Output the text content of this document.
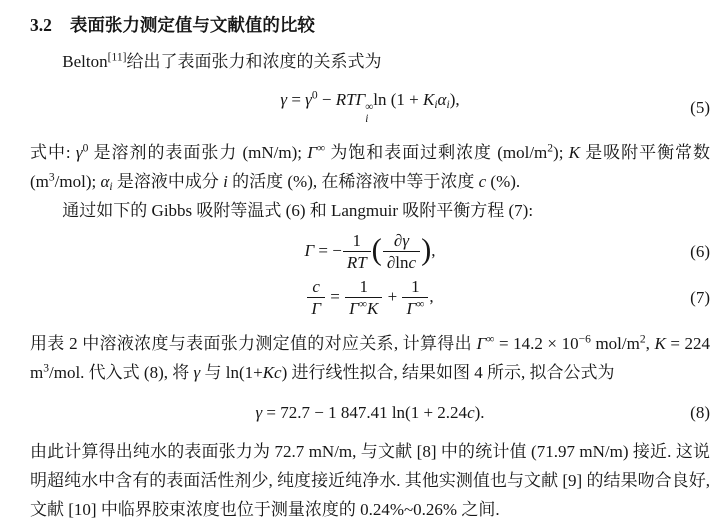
3.2 表面张力测定值与文献值的比较

Belton[11]给出了表面张力和浓度的关系式为

$\gamma = \gamma^0 - RT\Gamma$ ∞
i
$\ln (1 + K_i\alpha_i)$,	(5)

式中: $\gamma^0$ 是溶剂的表面张力 (mN/m); Γ∞ 为饱和表面过剩浓度 $(mol/m^2)$; K 是吸附平衡常数 $(m^3/mol)$; $\alpha_i$ 是溶液中成分 i 的活度 (%), 在稀溶液中等于浓度 c (%).

通过如下的 Gibbs 吸附等温式 (6) 和 Langmuir 吸附平衡方程 (7):

Γ = − $\frac{1}{RT}$ ( $\frac{\partial\gamma}{\partial\ln c}$ ),	(6)
$\frac{c}{\Gamma} = \frac{1}{\Gamma^\infty K} + \frac{1}{\Gamma^\infty}$ ,	(7)

用表 2 中溶液浓度与表面张力测定值的对应关系, 计算得出 $\Gamma^\infty = 14.2 \times 10^{-6}$ mol/$m^2$, K = 224 $m^3$/mol. 代入式 (8), 将 γ 与 ln(1+Kc) 进行线性拟合, 结果如图 4 所示, 拟合公式为

γ = 72.7 − 1 847.41 ln(1 + 2.24c).	(8)

由此计算得出纯水的表面张力为 72.7 mN/m, 与文献 [8] 中的统计值 (71.97 mN/m) 接近. 这说明超纯水中含有的表面活性剂少, 纯度接近纯净水. 其他实测值也与文献 [9] 的结果吻合良好, 文献 [10] 中临界胶束浓度也位于测量浓度的 0.24%~0.26% 之间.
